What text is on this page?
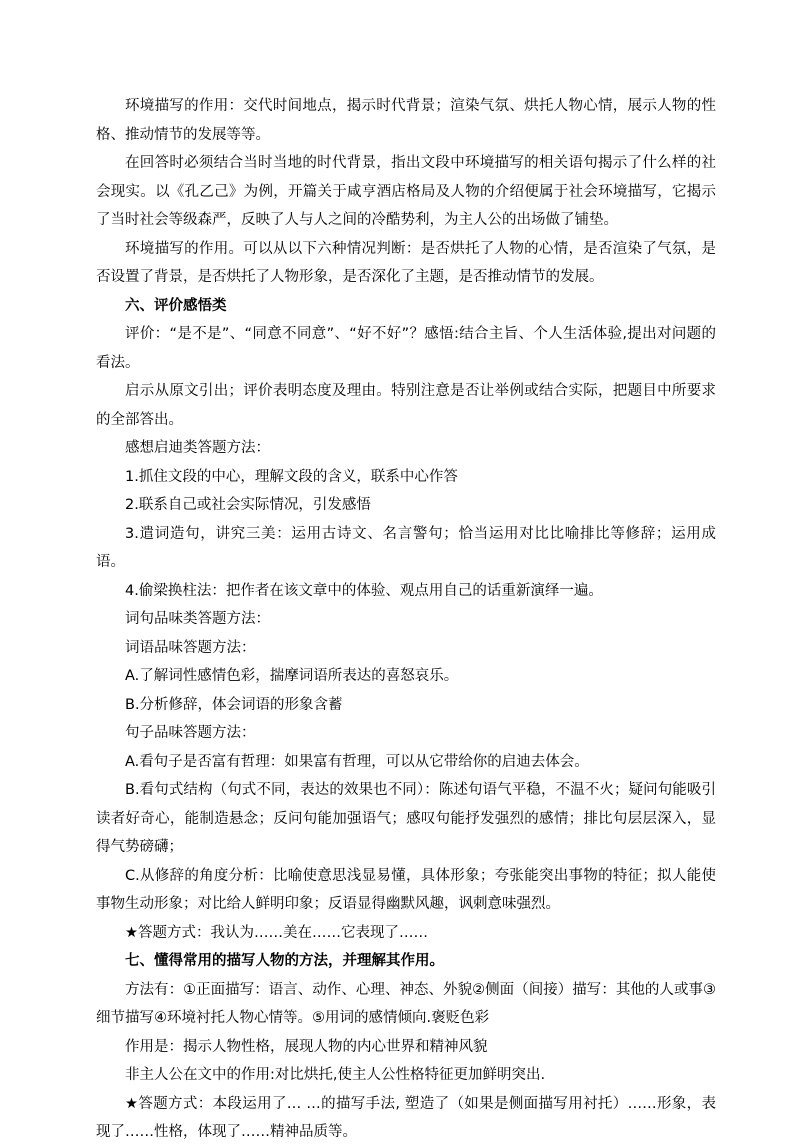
环境描写的作用：交代时间地点，揭示时代背景；渲染气氛、烘托人物心情，展示人物的性格、推动情节的发展等等。

在回答时必须结合当时当地的时代背景，指出文段中环境描写的相关语句揭示了什么样的社会现实。以《孔乙己》为例，开篇关于咸亨酒店格局及人物的介绍便属于社会环境描写，它揭示了当时社会等级森严，反映了人与人之间的冷酷势利，为主人公的出场做了铺垫。

环境描写的作用。可以从以下六种情况判断：是否烘托了人物的心情，是否渲染了气氛，是否设置了背景，是否烘托了人物形象，是否深化了主题，是否推动情节的发展。

六、评价感悟类

评价：“是不是”、“同意不同意”、“好不好”？感悟:结合主旨、个人生活体验,提出对问题的看法。

启示从原文引出；评价表明态度及理由。特别注意是否让举例或结合实际，把题目中所要求的全部答出。

感想启迪类答题方法：

1.抓住文段的中心，理解文段的含义，联系中心作答

2.联系自己或社会实际情况，引发感悟

3.遣词造句，讲究三美：运用古诗文、名言警句；恰当运用对比比喻排比等修辞；运用成语。

4.偷梁换柱法：把作者在该文章中的体验、观点用自己的话重新演绎一遍。

词句品味类答题方法：

词语品味答题方法：

A.了解词性感情色彩，揣摩词语所表达的喜怒哀乐。

B.分析修辞，体会词语的形象含蓄

句子品味答题方法：

A.看句子是否富有哲理：如果富有哲理，可以从它带给你的启迪去体会。

B.看句式结构（句式不同，表达的效果也不同）：陈述句语气平稳，不温不火；疑问句能吸引读者好奇心，能制造悬念；反问句能加强语气；感叹句能抒发强烈的感情；排比句层层深入，显得气势磅礴；

C.从修辞的角度分析：比喻使意思浅显易懂，具体形象；夸张能突出事物的特征；拟人能使事物生动形象；对比给人鲜明印象；反语显得幽默风趣，讽刺意味强烈。

★答题方式：我认为……美在……它表现了……

七、懂得常用的描写人物的方法，并理解其作用。

方法有：①正面描写：语言、动作、心理、神态、外貌②侧面（间接）描写：其他的人或事③细节描写④环境衬托人物心情等。⑤用词的感情倾向.褒贬色彩

作用是：揭示人物性格，展现人物的内心世界和精神风貌

非主人公在文中的作用:对比烘托,使主人公性格特征更加鲜明突出.

★答题方式：本段运用了… …的描写手法, 塑造了（如果是侧面描写用衬托）……形象，表现了……性格，体现了……精神品质等。
